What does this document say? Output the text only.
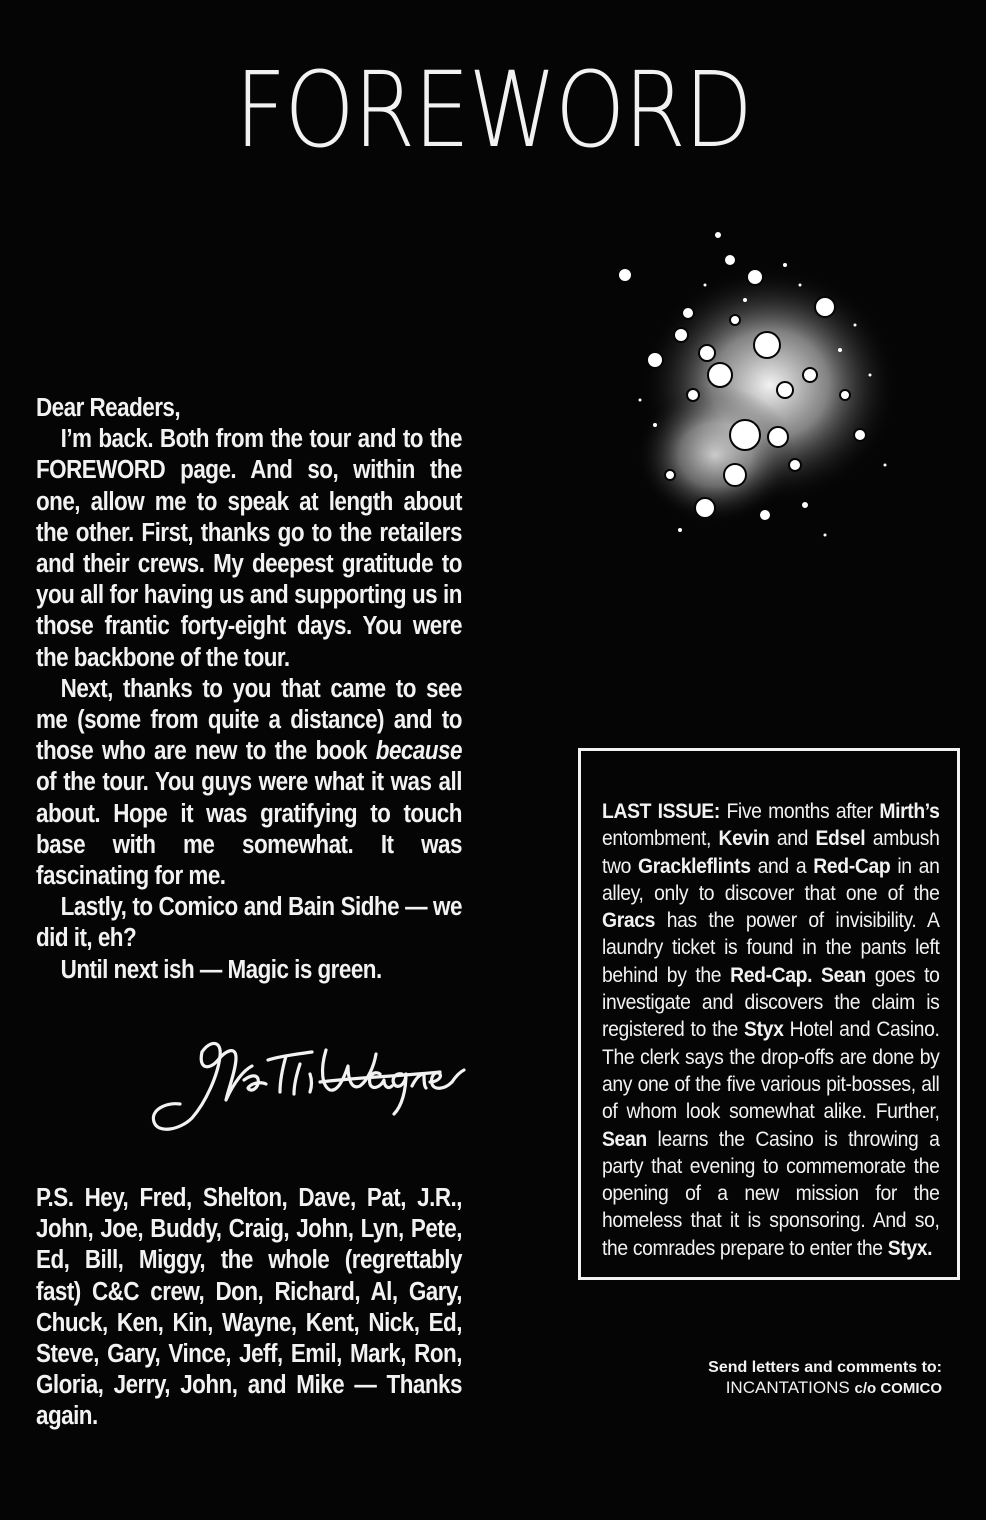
FOREWORD

Dear Readers,

I’m back. Both from the tour and to the FOREWORD page. And so, within the one, allow me to speak at length about the other. First, thanks go to the retailers and their crews. My deepest gratitude to you all for having us and supporting us in those frantic forty-eight days. You were the backbone of the tour.

Next, thanks to you that came to see me (some from quite a distance) and to those who are new to the book because of the tour. You guys were what it was all about. Hope it was gratifying to touch base with me somewhat. It was fascinating for me.

Lastly, to Comico and Bain Sidhe — we did it, eh?

Until next ish — Magic is green.

P.S. Hey, Fred, Shelton, Dave, Pat, J.R., John, Joe, Buddy, Craig, John, Lyn, Pete, Ed, Bill, Miggy, the whole (regrettably fast) C&C crew, Don, Richard, Al, Gary, Chuck, Ken, Kin, Wayne, Kent, Nick, Ed, Steve, Gary, Vince, Jeff, Emil, Mark, Ron, Gloria, Jerry, John, and Mike — Thanks again.

LAST ISSUE: Five months after Mirth’s entombment, Kevin and Edsel ambush two Grackleflints and a Red-Cap in an alley, only to discover that one of the Gracs has the power of invisibility. A laundry ticket is found in the pants left behind by the Red-Cap. Sean goes to investigate and discovers the claim is registered to the Styx Hotel and Casino. The clerk says the drop-offs are done by any one of the five various pit-bosses, all of whom look somewhat alike. Further, Sean learns the Casino is throwing a party that evening to commemorate the opening of a new mission for the homeless that it is sponsoring. And so, the comrades prepare to enter the Styx.
Send letters and comments to:
INCANTATIONS c/o COMICO
